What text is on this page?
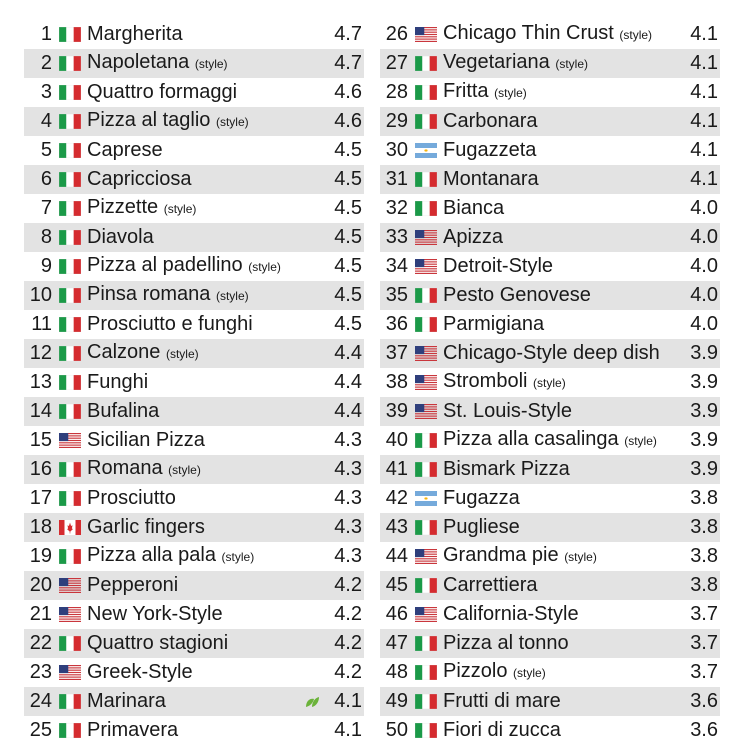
1 Margherita	4.7
2 Napoletana (style)	4.7
3 Quattro formaggi	4.6
4 Pizza al taglio (style)	4.6
5 Caprese	4.5
6 Capricciosa	4.5
7 Pizzette (style)	4.5
8 Diavola	4.5
9 Pizza al padellino (style)	4.5
10 Pinsa romana (style)	4.5
11 Prosciutto e funghi	4.5
12 Calzone (style)	4.4
13 Funghi	4.4
14 Bufalina	4.4
15 Sicilian Pizza	4.3
16 Romana (style)	4.3
17 Prosciutto	4.3
18 Garlic fingers	4.3
19 Pizza alla pala (style)	4.3
20 Pepperoni	4.2
21 New York-Style	4.2
22 Quattro stagioni	4.2
23 Greek-Style	4.2
24 Marinara	4.1
25 Primavera	4.1
26 Chicago Thin Crust (style)	4.1
27 Vegetariana (style)	4.1
28 Fritta (style)	4.1
29 Carbonara	4.1
30 Fugazzeta	4.1
31 Montanara	4.1
32 Bianca	4.0
33 Apizza	4.0
34 Detroit-Style	4.0
35 Pesto Genovese	4.0
36 Parmigiana	4.0
37 Chicago-Style deep dish	3.9
38 Stromboli (style)	3.9
39 St. Louis-Style	3.9
40 Pizza alla casalinga (style)	3.9
41 Bismark Pizza	3.9
42 Fugazza	3.8
43 Pugliese	3.8
44 Grandma pie (style)	3.8
45 Carrettiera	3.8
46 California-Style	3.7
47 Pizza al tonno	3.7
48 Pizzolo (style)	3.7
49 Frutti di mare	3.6
50 Fiori di zucca	3.6
